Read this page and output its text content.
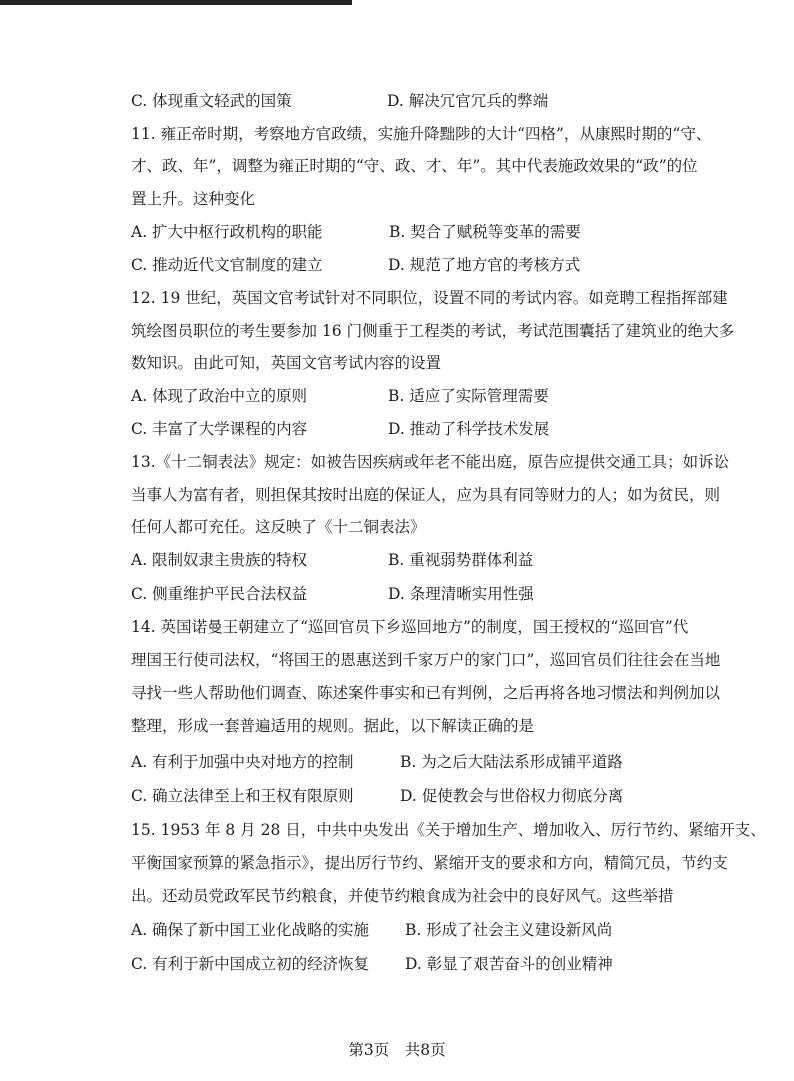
C. 体现重文轻武的国策	D. 解决冗官冗兵的弊端
11. 雍正帝时期，考察地方官政绩，实施升降黜陟的大计“四格”，从康熙时期的“守、
才、政、年”，调整为雍正时期的“守、政、才、年”。其中代表施政效果的“政”的位
置上升。这种变化
A. 扩大中枢行政机构的职能	B. 契合了赋税等变革的需要
C. 推动近代文官制度的建立	D. 规范了地方官的考核方式
12. 19 世纪，英国文官考试针对不同职位，设置不同的考试内容。如竞聘工程指挥部建
筑绘图员职位的考生要参加 16 门侧重于工程类的考试，考试范围囊括了建筑业的绝大多
数知识。由此可知，英国文官考试内容的设置
A. 体现了政治中立的原则	B. 适应了实际管理需要
C. 丰富了大学课程的内容	D. 推动了科学技术发展
13.《十二铜表法》规定：如被告因疾病或年老不能出庭，原告应提供交通工具；如诉讼
当事人为富有者，则担保其按时出庭的保证人，应为具有同等财力的人；如为贫民，则
任何人都可充任。这反映了《十二铜表法》
A. 限制奴隶主贵族的特权	B. 重视弱势群体利益
C. 侧重维护平民合法权益	D. 条理清晰实用性强
14. 英国诺曼王朝建立了“巡回官员下乡巡回地方”的制度，国王授权的“巡回官”代
理国王行使司法权，“将国王的恩惠送到千家万户的家门口”，巡回官员们往往会在当地
寻找一些人帮助他们调查、陈述案件事实和已有判例，之后再将各地习惯法和判例加以
整理，形成一套普遍适用的规则。据此，以下解读正确的是
A. 有利于加强中央对地方的控制	B. 为之后大陆法系形成铺平道路
C. 确立法律至上和王权有限原则	D. 促使教会与世俗权力彻底分离
15. 1953 年 8 月 28 日，中共中央发出《关于增加生产、增加收入、厉行节约、紧缩开支、
平衡国家预算的紧急指示》，提出厉行节约、紧缩开支的要求和方向，精简冗员，节约支
出。还动员党政军民节约粮食，并使节约粮食成为社会中的良好风气。这些举措
A. 确保了新中国工业化战略的实施 B. 形成了社会主义建设新风尚
C. 有利于新中国成立初的经济恢复 D. 彰显了艰苦奋斗的创业精神
第3页　共8页
